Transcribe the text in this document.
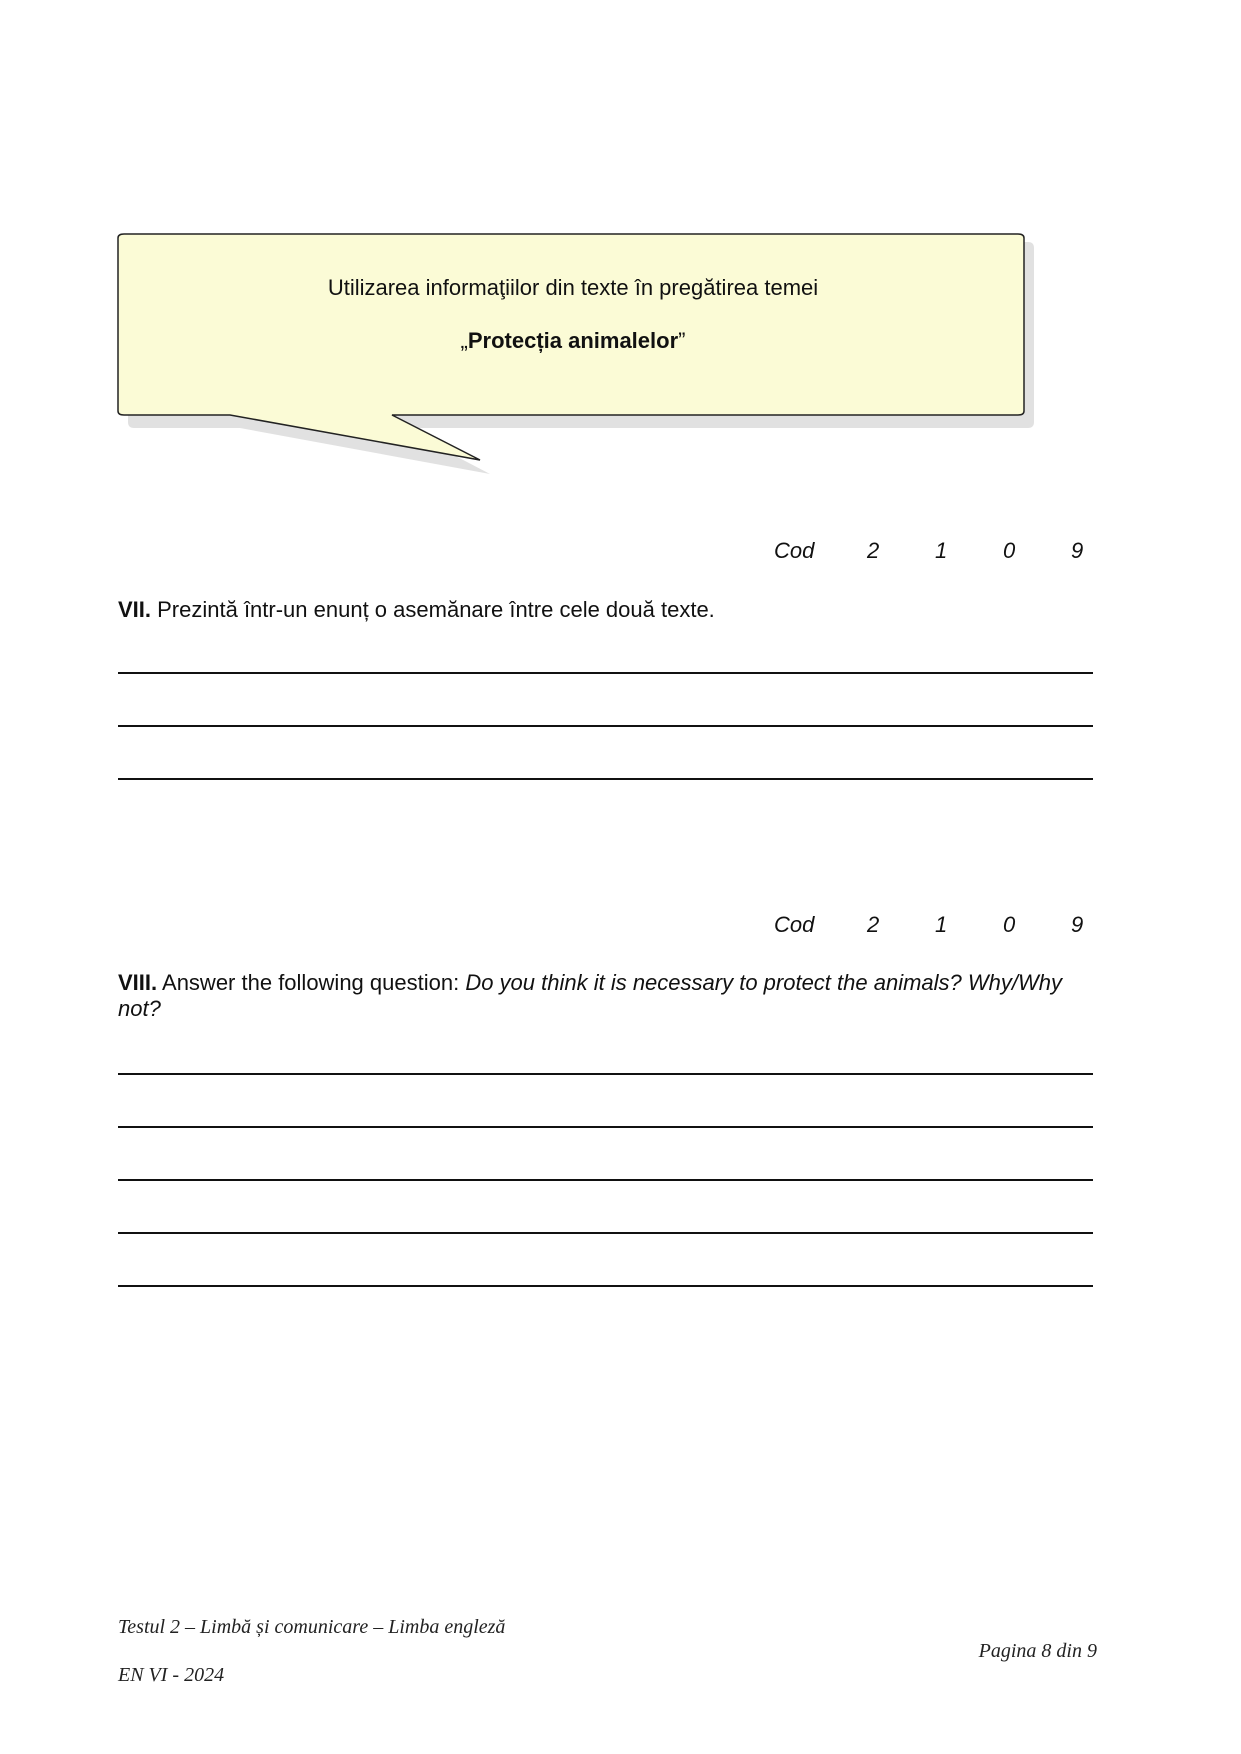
Utilizarea informaţiilor din texte în pregătirea temei
„Protecția animalelor”
Cod 2	1	0	9
VII. Prezintă într-un enunț o asemănare între cele două texte.
Cod 2	1	0	9
VIII. Answer the following question: Do you think it is necessary to protect the animals? Why/Why not?
Testul 2 – Limbă și comunicare – Limba engleză
EN VI - 2024
Pagina 8 din 9
